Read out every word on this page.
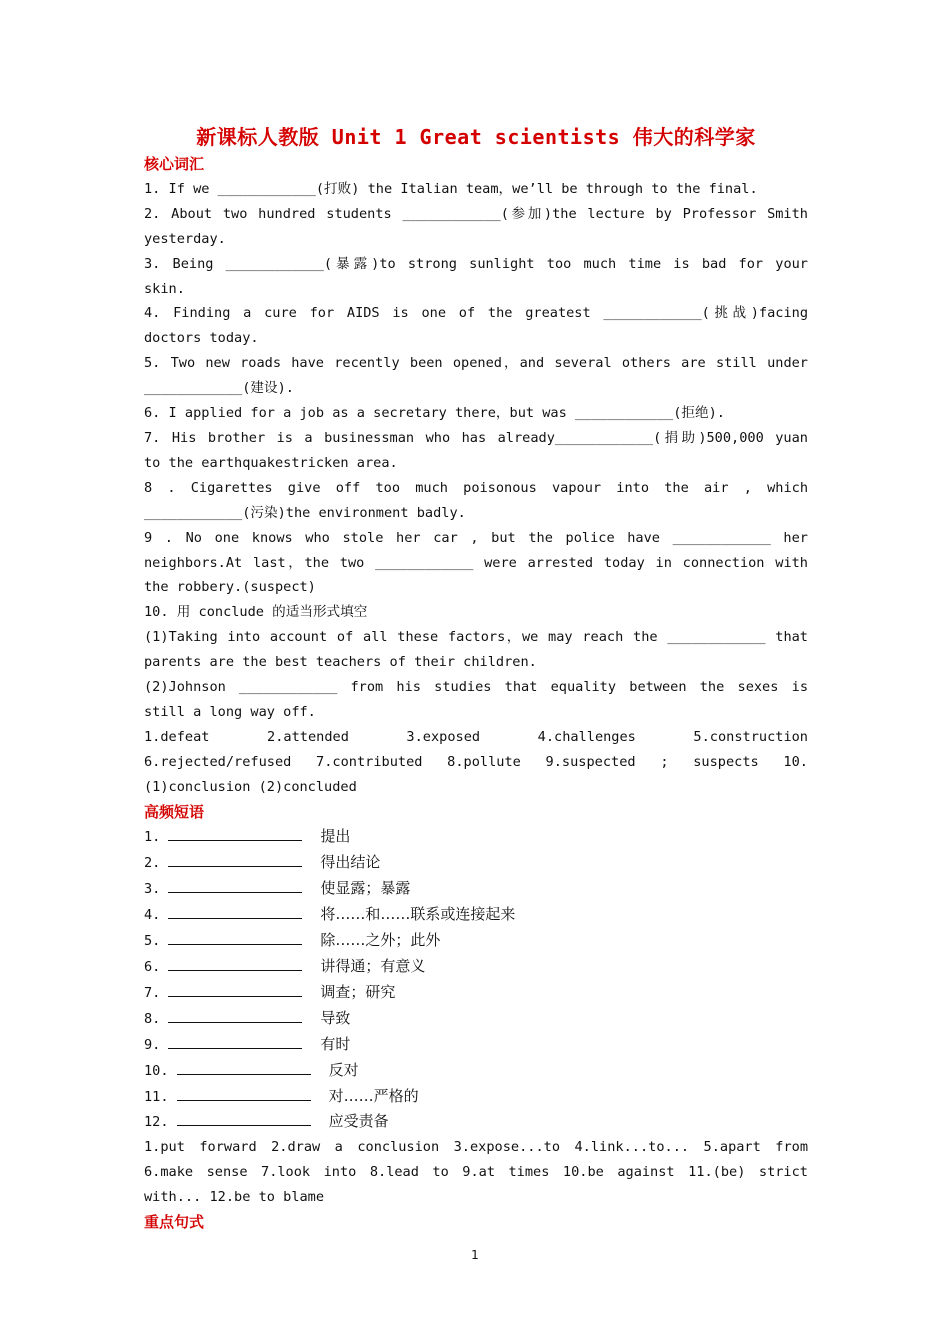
新课标人教版 Unit 1 Great scientists 伟大的科学家
核心词汇
1. If we ____________(打败) the Italian team，we’ll be through to the final.
2. About two hundred students ____________(参加)the lecture by Professor Smith
yesterday.
3. Being ____________(暴露)to strong sunlight too much time is bad for your
skin.
4. Finding a cure for AIDS is one of the greatest ____________(挑战)facing
doctors today.
5. Two new roads have recently been opened，and several others are still under
____________(建设).
6. I applied for a job as a secretary there，but was ____________(拒绝).
7. His brother is a businessman who has already____________(捐助)500,000 yuan
to the earthquakestricken area.
8 . Cigarettes give off too much poisonous vapour into the air , which
____________(污染)the environment badly.
9 . No one knows who stole her car , but the police have ____________ her
neighbors.At last，the two ____________ were arrested today in connection with
the robbery.(suspect)
10. 用 conclude 的适当形式填空
(1)Taking into account of all these factors，we may reach the ____________ that
parents are the best teachers of their children.
(2)Johnson ____________ from his studies that equality between the sexes is
still a long way off.
1.defeat 2.attended 3.exposed 4.challenges 5.construction
6.rejected/refused 7.contributed 8.pollute 9.suspected ; suspects 10.
(1)conclusion (2)concluded
高频短语
1.	提出
2.	得出结论
3.	使显露；暴露
4.	将……和……联系或连接起来
5.	除……之外；此外
6.	讲得通；有意义
7.	调查；研究
8.	导致
9.	有时
10.	反对
11.	对……严格的
12.	应受责备
1.put forward 2.draw a conclusion 3.expose...to 4.link...to... 5.apart from
6.make sense 7.look into 8.lead to 9.at times 10.be against 11.(be) strict
with... 12.be to blame
重点句式
1
